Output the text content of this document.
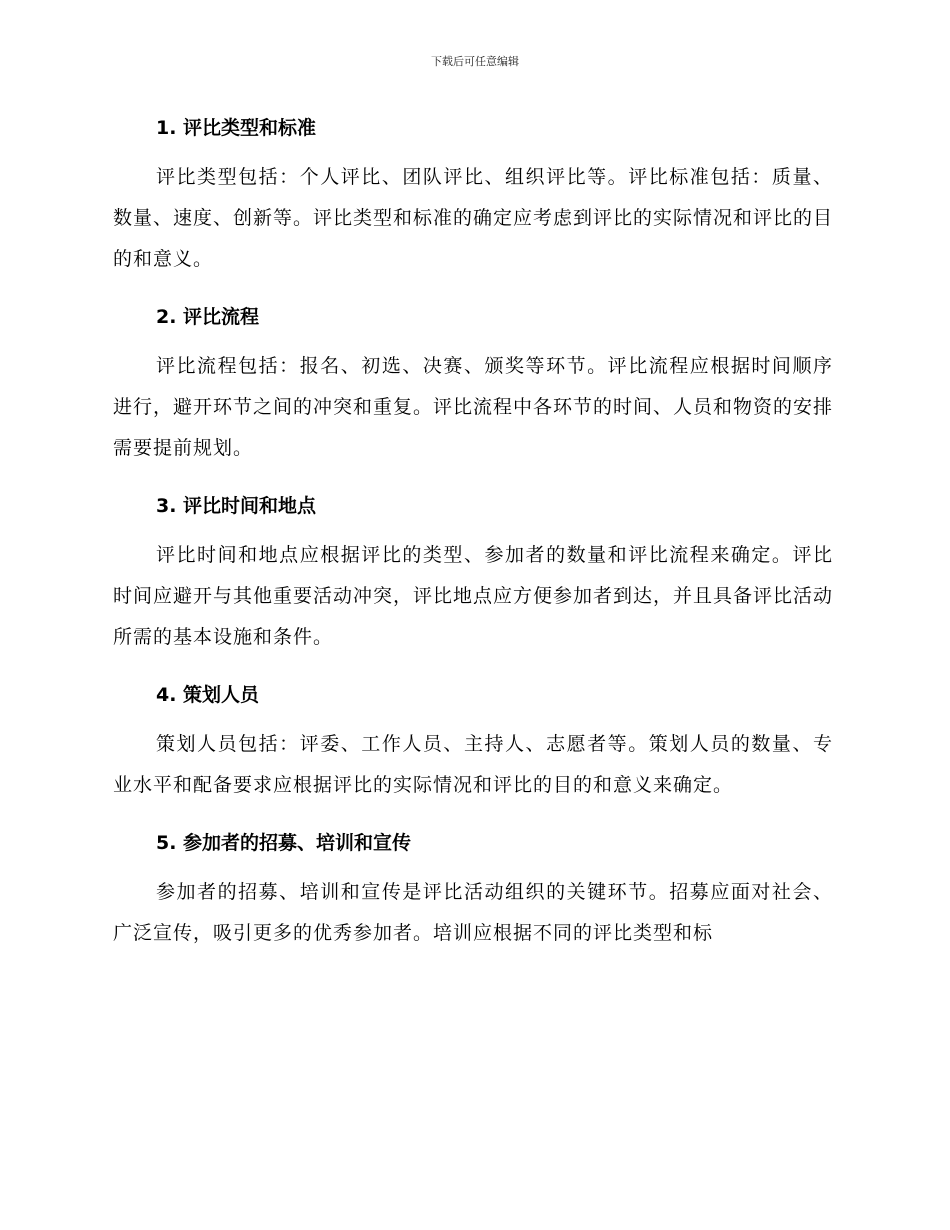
下载后可任意编辑
1. 评比类型和标准

评比类型包括：个人评比、团队评比、组织评比等。评比标准包括：质量、数量、速度、创新等。评比类型和标准的确定应考虑到评比的实际情况和评比的目的和意义。

2. 评比流程

评比流程包括：报名、初选、决赛、颁奖等环节。评比流程应根据时间顺序进行，避开环节之间的冲突和重复。评比流程中各环节的时间、人员和物资的安排需要提前规划。

3. 评比时间和地点

评比时间和地点应根据评比的类型、参加者的数量和评比流程来确定。评比时间应避开与其他重要活动冲突，评比地点应方便参加者到达，并且具备评比活动所需的基本设施和条件。

4. 策划人员

策划人员包括：评委、工作人员、主持人、志愿者等。策划人员的数量、专业水平和配备要求应根据评比的实际情况和评比的目的和意义来确定。

5. 参加者的招募、培训和宣传

参加者的招募、培训和宣传是评比活动组织的关键环节。招募应面对社会、广泛宣传，吸引更多的优秀参加者。培训应根据不同的评比类型和标
